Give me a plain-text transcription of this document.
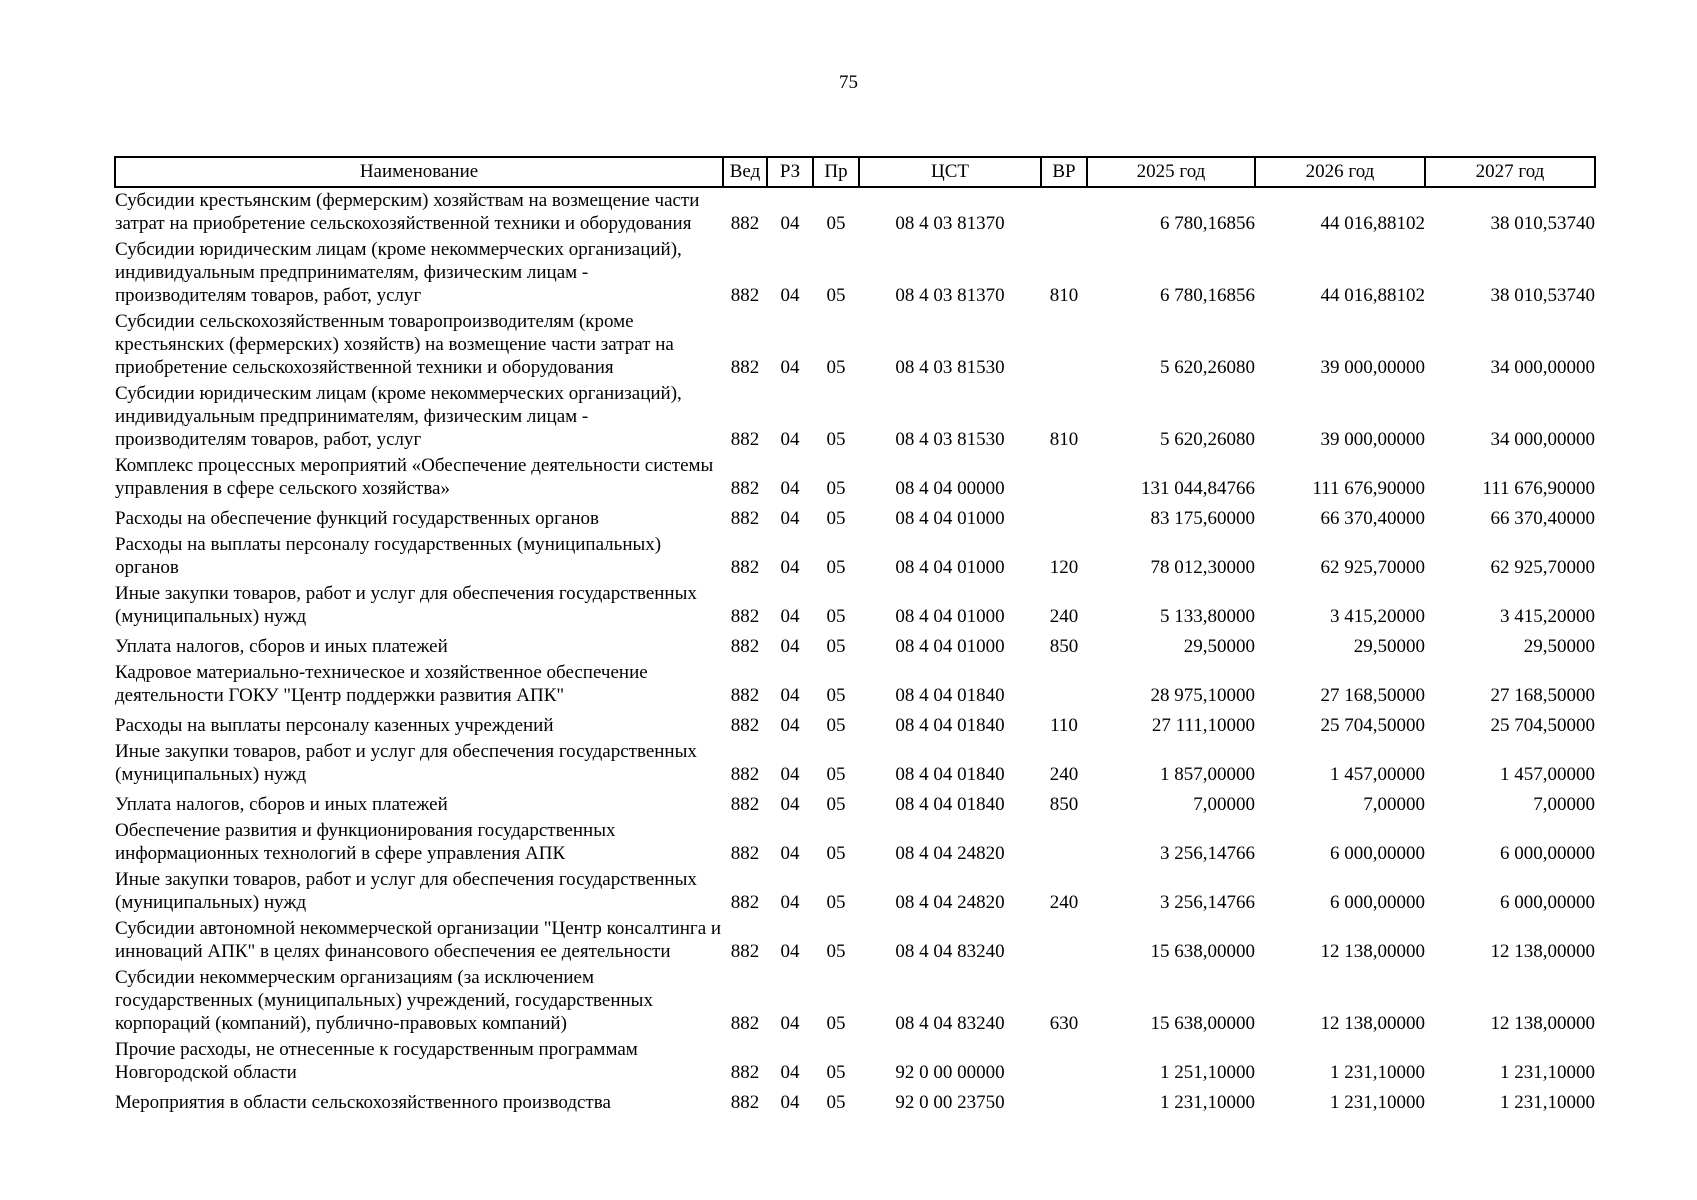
75
Наименование	Вед	РЗ	Пр	ЦСТ	ВР	2025 год	2026 год	2027 год
Субсидии крестьянским (фермерским) хозяйствам на возмещение части затрат на приобретение сельскохозяйственной техники и оборудования	882	04	05	08 4 03 81370		6 780,16856	44 016,88102	38 010,53740
Субсидии юридическим лицам (кроме некоммерческих организаций), индивидуальным предпринимателям, физическим лицам - производителям товаров, работ, услуг	882	04	05	08 4 03 81370	810	6 780,16856	44 016,88102	38 010,53740
Субсидии сельскохозяйственным товаропроизводителям (кроме крестьянских (фермерских) хозяйств) на возмещение части затрат на приобретение сельскохозяйственной техники и оборудования	882	04	05	08 4 03 81530		5 620,26080	39 000,00000	34 000,00000
Субсидии юридическим лицам (кроме некоммерческих организаций), индивидуальным предпринимателям, физическим лицам - производителям товаров, работ, услуг	882	04	05	08 4 03 81530	810	5 620,26080	39 000,00000	34 000,00000
Комплекс процессных мероприятий «Обеспечение деятельности системы управления в сфере сельского хозяйства»	882	04	05	08 4 04 00000		131 044,84766	111 676,90000	111 676,90000
Расходы на обеспечение функций государственных органов	882	04	05	08 4 04 01000		83 175,60000	66 370,40000	66 370,40000
Расходы на выплаты персоналу государственных (муниципальных) органов	882	04	05	08 4 04 01000	120	78 012,30000	62 925,70000	62 925,70000
Иные закупки товаров, работ и услуг для обеспечения государственных (муниципальных) нужд	882	04	05	08 4 04 01000	240	5 133,80000	3 415,20000	3 415,20000
Уплата налогов, сборов и иных платежей	882	04	05	08 4 04 01000	850	29,50000	29,50000	29,50000
Кадровое материально-техническое и хозяйственное обеспечение деятельности ГОКУ "Центр поддержки развития АПК"	882	04	05	08 4 04 01840		28 975,10000	27 168,50000	27 168,50000
Расходы на выплаты персоналу казенных учреждений	882	04	05	08 4 04 01840	110	27 111,10000	25 704,50000	25 704,50000
Иные закупки товаров, работ и услуг для обеспечения государственных (муниципальных) нужд	882	04	05	08 4 04 01840	240	1 857,00000	1 457,00000	1 457,00000
Уплата налогов, сборов и иных платежей	882	04	05	08 4 04 01840	850	7,00000	7,00000	7,00000
Обеспечение развития и функционирования государственных информационных технологий в сфере управления АПК	882	04	05	08 4 04 24820		3 256,14766	6 000,00000	6 000,00000
Иные закупки товаров, работ и услуг для обеспечения государственных (муниципальных) нужд	882	04	05	08 4 04 24820	240	3 256,14766	6 000,00000	6 000,00000
Субсидии автономной некоммерческой организации "Центр консалтинга и инноваций АПК" в целях финансового обеспечения ее деятельности	882	04	05	08 4 04 83240		15 638,00000	12 138,00000	12 138,00000
Субсидии некоммерческим организациям (за исключением государственных (муниципальных) учреждений, государственных корпораций (компаний), публично-правовых компаний)	882	04	05	08 4 04 83240	630	15 638,00000	12 138,00000	12 138,00000
Прочие расходы, не отнесенные к государственным программам Новгородской области	882	04	05	92 0 00 00000		1 251,10000	1 231,10000	1 231,10000
Мероприятия в области сельскохозяйственного производства	882	04	05	92 0 00 23750		1 231,10000	1 231,10000	1 231,10000
